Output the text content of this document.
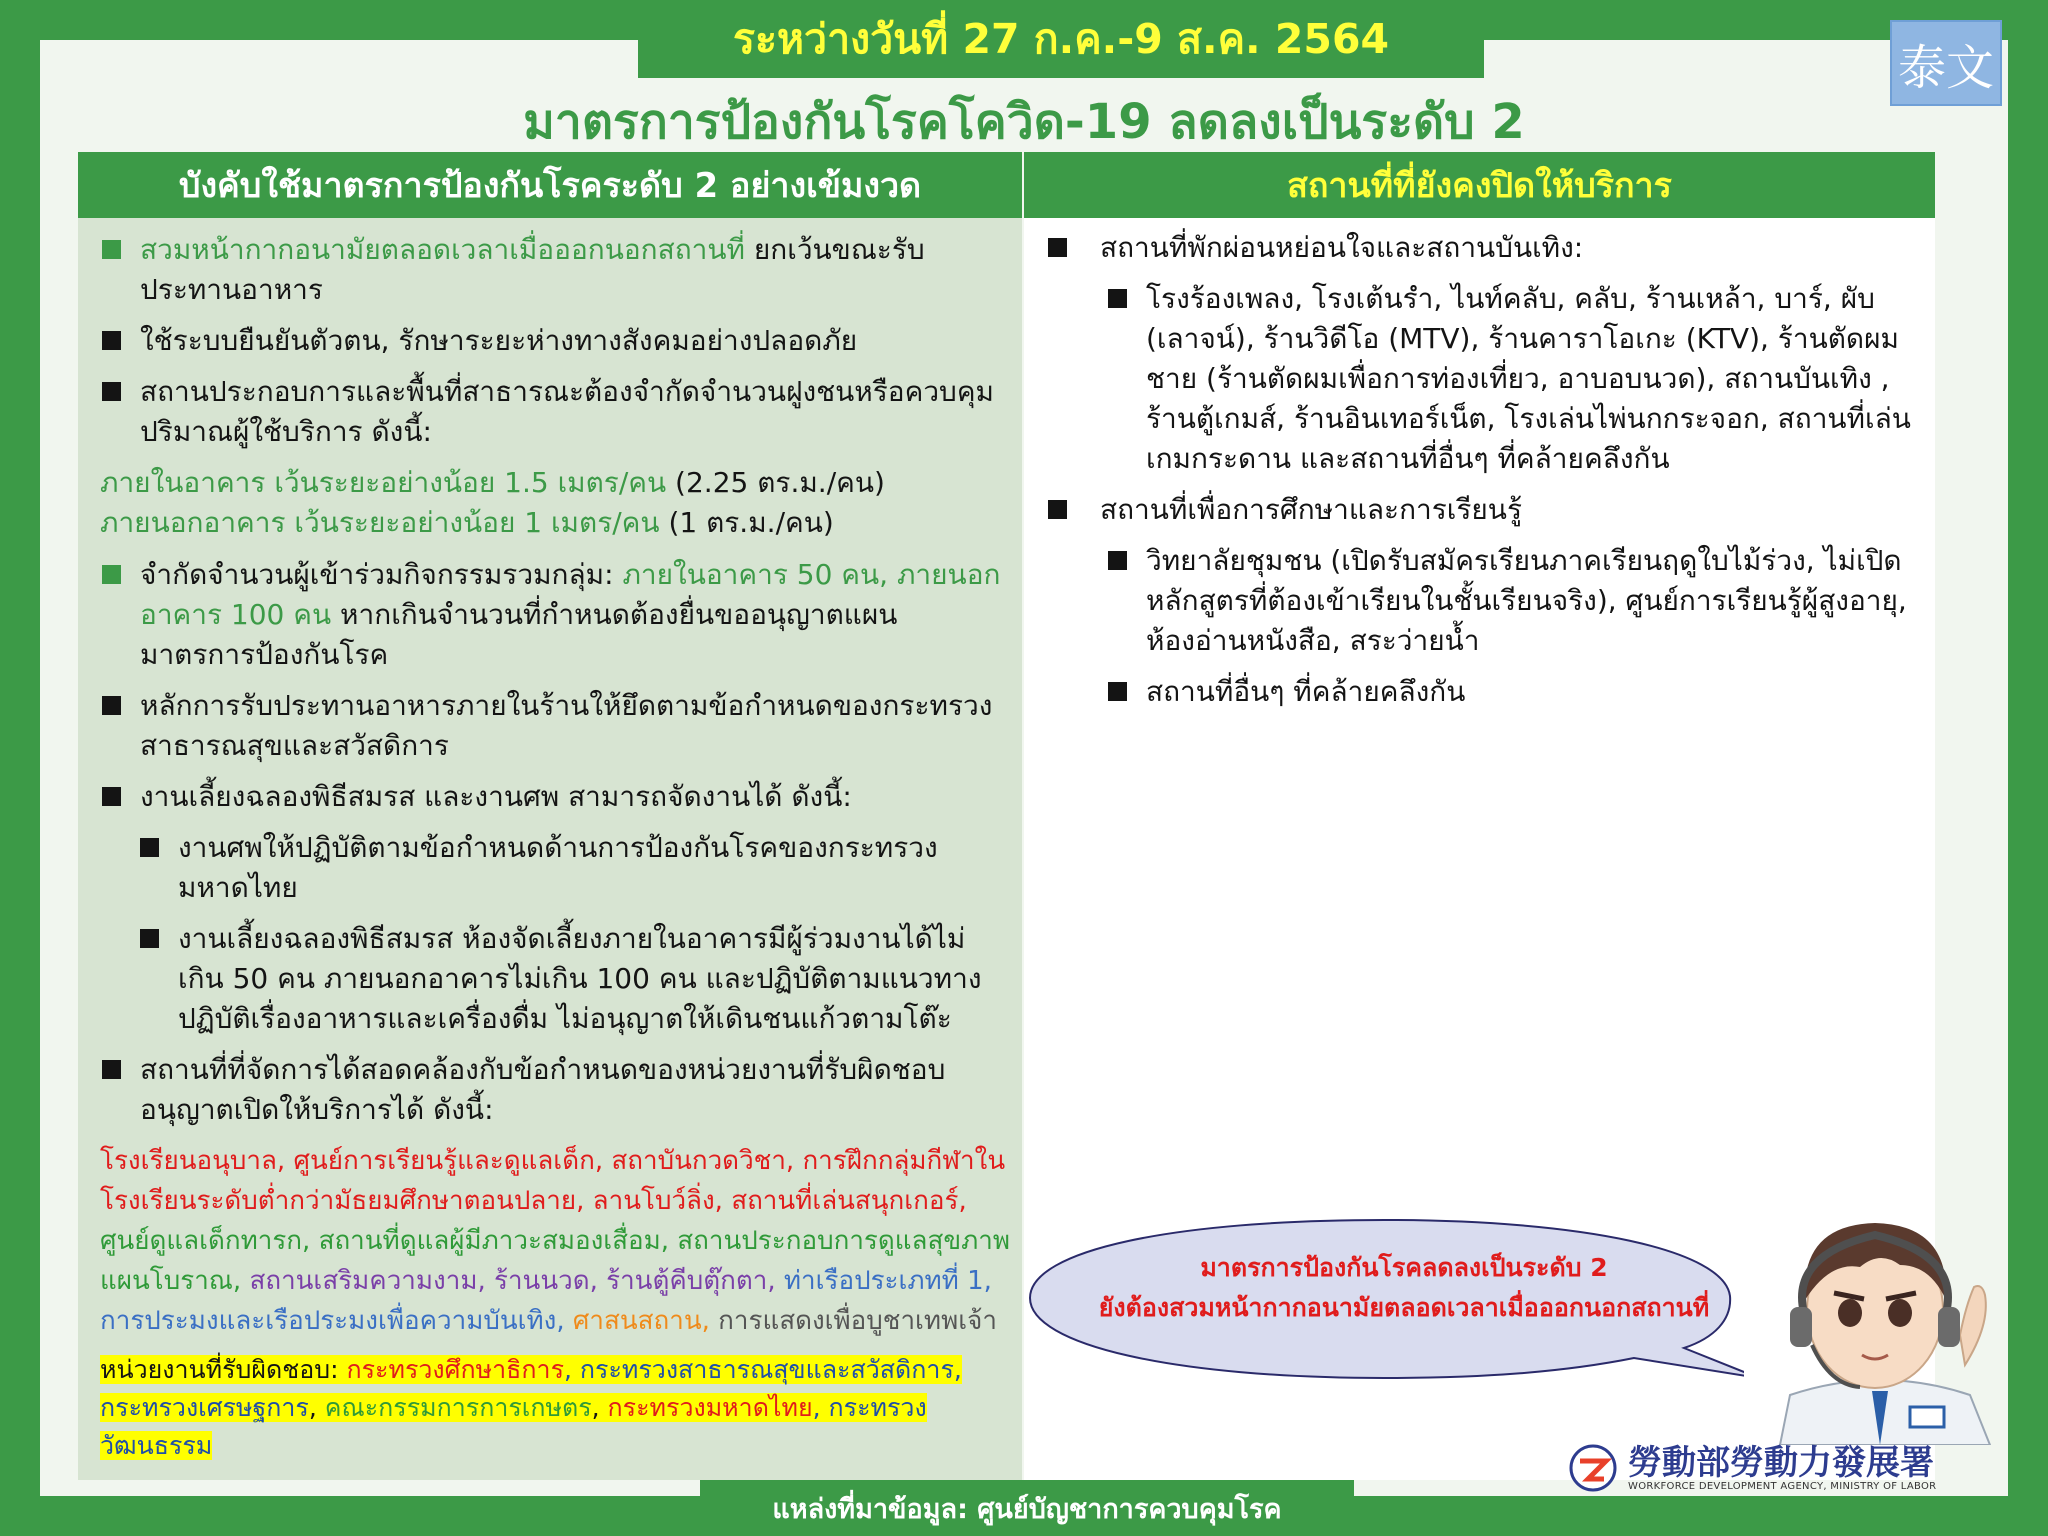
ระหว่างวันที่ 27 ก.ค.-9 ส.ค. 2564
泰文
มาตรการป้องกันโรคโควิด-19 ลดลงเป็นระดับ 2
บังคับใช้มาตรการป้องกันโรคระดับ 2 อย่างเข้มงวด	สถานที่ที่ยังคงปิดให้บริการ
สวมหน้ากากอนามัยตลอดเวลาเมื่อออกนอกสถานที่ ยกเว้นขณะรับประทานอาหาร
ใช้ระบบยืนยันตัวตน, รักษาระยะห่างทางสังคมอย่างปลอดภัย
สถานประกอบการและพื้นที่สาธารณะต้องจำกัดจำนวนฝูงชนหรือควบคุมปริมาณผู้ใช้บริการ ดังนี้:
ภายในอาคาร เว้นระยะอย่างน้อย 1.5 เมตร/คน (2.25 ตร.ม./คน)
ภายนอกอาคาร เว้นระยะอย่างน้อย 1 เมตร/คน (1 ตร.ม./คน)
จำกัดจำนวนผู้เข้าร่วมกิจกรรมรวมกลุ่ม: ภายในอาคาร 50 คน, ภายนอกอาคาร 100 คน หากเกินจำนวนที่กำหนดต้องยื่นขออนุญาตแผนมาตรการป้องกันโรค
หลักการรับประทานอาหารภายในร้านให้ยึดตามข้อกำหนดของกระทรวงสาธารณสุขและสวัสดิการ
งานเลี้ยงฉลองพิธีสมรส และงานศพ สามารถจัดงานได้ ดังนี้:
งานศพให้ปฏิบัติตามข้อกำหนดด้านการป้องกันโรคของกระทรวงมหาดไทย
งานเลี้ยงฉลองพิธีสมรส ห้องจัดเลี้ยงภายในอาคารมีผู้ร่วมงานได้ไม่เกิน 50 คน ภายนอกอาคารไม่เกิน 100 คน และปฏิบัติตามแนวทางปฏิบัติเรื่องอาหารและเครื่องดื่ม ไม่อนุญาตให้เดินชนแก้วตามโต๊ะ
สถานที่ที่จัดการได้สอดคล้องกับข้อกำหนดของหน่วยงานที่รับผิดชอบอนุญาตเปิดให้บริการได้ ดังนี้:
โรงเรียนอนุบาล, ศูนย์การเรียนรู้และดูแลเด็ก, สถาบันกวดวิชา, การฝึกกลุ่มกีฬาในโรงเรียนระดับต่ำกว่ามัธยมศึกษาตอนปลาย, ลานโบว์ลิ่ง, สถานที่เล่นสนุกเกอร์, ศูนย์ดูแลเด็กทารก, สถานที่ดูแลผู้มีภาวะสมองเสื่อม, สถานประกอบการดูแลสุขภาพแผนโบราณ, สถานเสริมความงาม, ร้านนวด, ร้านตู้คีบตุ๊กตา, ท่าเรือประเภทที่ 1, การประมงและเรือประมงเพื่อความบันเทิง, ศาสนสถาน, การแสดงเพื่อบูชาเทพเจ้า
หน่วยงานที่รับผิดชอบ: กระทรวงศึกษาธิการ, กระทรวงสาธารณสุขและสวัสดิการ, กระทรวงเศรษฐการ, คณะกรรมการการเกษตร, กระทรวงมหาดไทย, กระทรวงวัฒนธรรม
สถานที่พักผ่อนหย่อนใจและสถานบันเทิง:
โรงร้องเพลง, โรงเต้นรำ, ไนท์คลับ, คลับ, ร้านเหล้า, บาร์, ผับ (เลาจน์), ร้านวิดีโอ (MTV), ร้านคาราโอเกะ (KTV), ร้านตัดผมชาย (ร้านตัดผมเพื่อการท่องเที่ยว, อาบอบนวด), สถานบันเทิง , ร้านตู้เกมส์, ร้านอินเทอร์เน็ต, โรงเล่นไพ่นกกระจอก, สถานที่เล่นเกมกระดาน และสถานที่อื่นๆ ที่คล้ายคลึงกัน
สถานที่เพื่อการศึกษาและการเรียนรู้
วิทยาลัยชุมชน (เปิดรับสมัครเรียนภาคเรียนฤดูใบไม้ร่วง, ไม่เปิดหลักสูตรที่ต้องเข้าเรียนในชั้นเรียนจริง), ศูนย์การเรียนรู้ผู้สูงอายุ, ห้องอ่านหนังสือ, สระว่ายน้ำ
สถานที่อื่นๆ ที่คล้ายคลึงกัน
มาตรการป้องกันโรคลดลงเป็นระดับ 2
ยังต้องสวมหน้ากากอนามัยตลอดเวลาเมื่อออกนอกสถานที่
勞動部勞動力發展署
WORKFORCE DEVELOPMENT AGENCY, MINISTRY OF LABOR
แหล่งที่มาข้อมูล: ศูนย์บัญชาการควบคุมโรค
